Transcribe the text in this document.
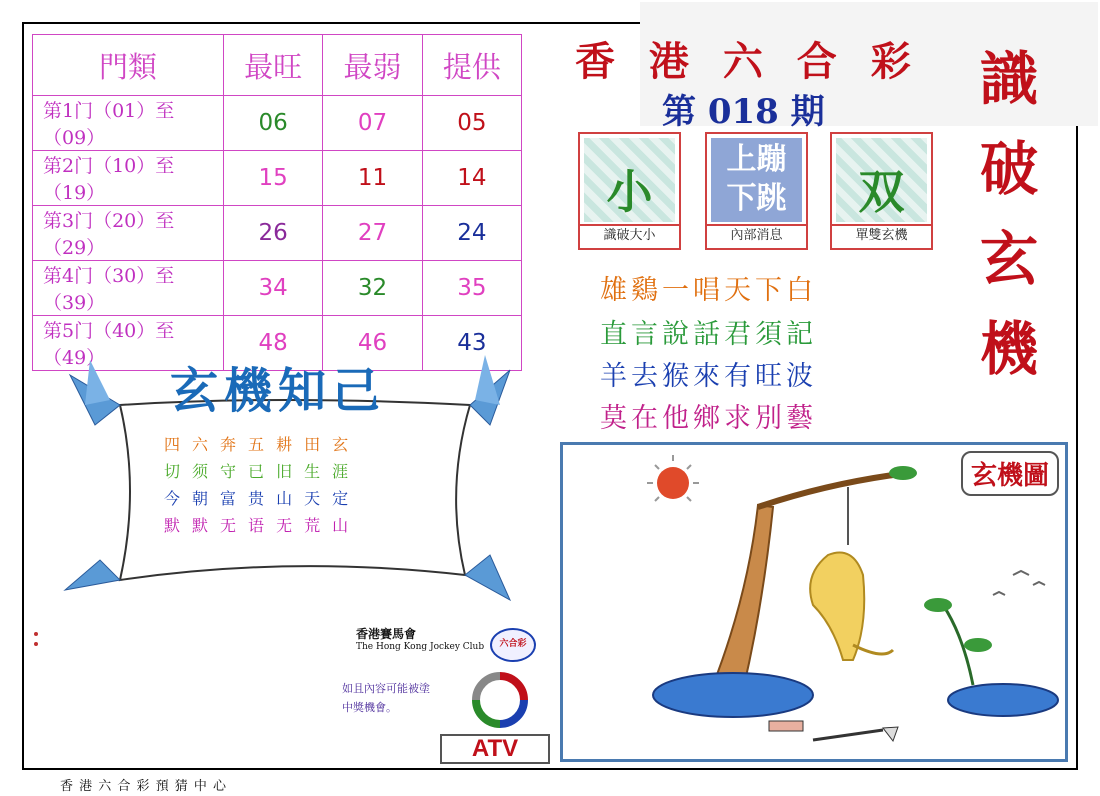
門類	最旺	最弱	提供
第1门（01）至（09）	06	07	05
第2门（10）至（19）	15	11	14
第3门（20）至（29）	26	27	24
第4门（30）至（39）	34	32	35
第5门（40）至（49）	48	46	43
香 港 六 合 彩
第 018 期	識
破
玄
機
小
識破大小
上蹦
下跳
內部消息
双
單雙玄機
雄鷄一唱天下白
直言說話君須記
羊去猴來有旺波
莫在他鄉求別藝
玄機知己
四	六	奔	五	耕	田	玄
切	须	守	已	旧	生	涯
今	朝	富	贵	山	天	定
默	默	无	语	无	荒	山
香港賽馬會
The Hong Kong Jockey Club	六合彩
如且內容可能被塗
中獎機會。
ATV
玄機圖
香 港 六 合 彩 預 猜 中 心
